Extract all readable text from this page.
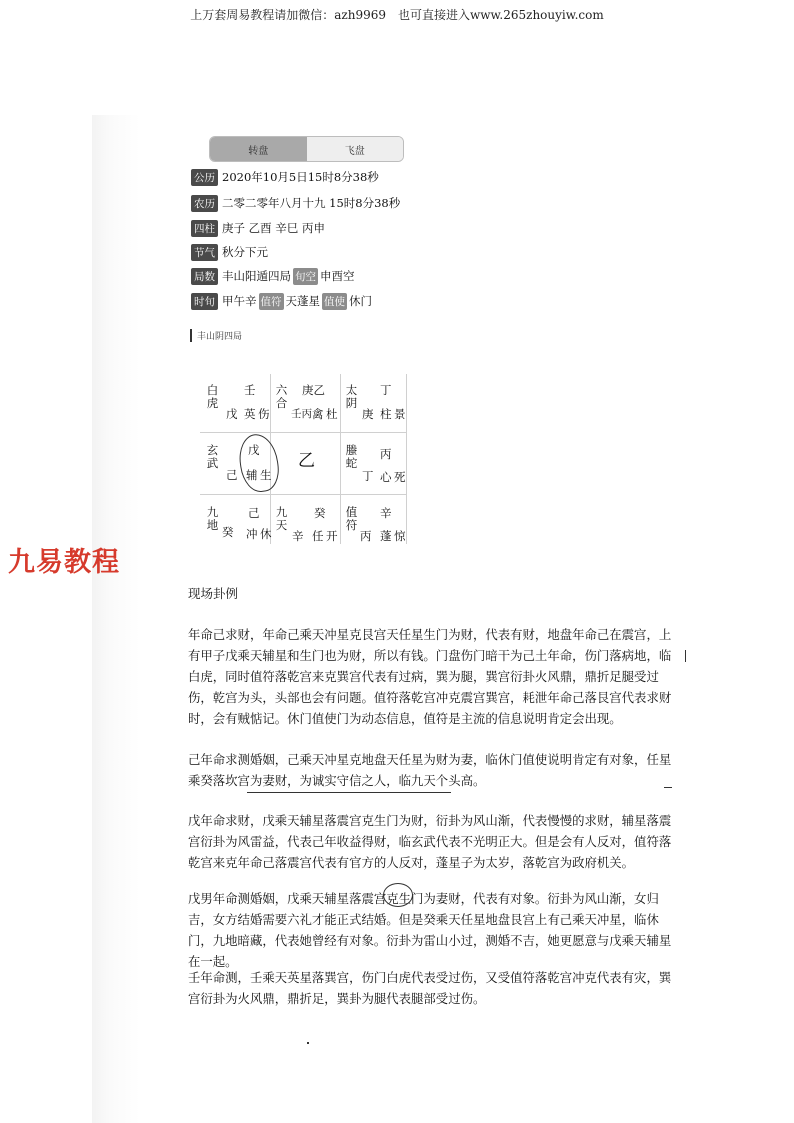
上万套周易教程请加微信：azh9969　也可直接进入www.265zhouyiw.com
转盘	飞盘
公历 2020年10月5日15时8分38秒
农历 二零二零年八月十九 15时8分38秒
四柱 庚子 乙酉 辛巳 丙申
节气 秋分下元
局数 丰山 阳遁四局 旬空 申酉空
时旬 甲午辛 值符 天蓬星 值使 休门
丰山阴四局
白虎
壬
戊 英 伤
六合
庚乙
壬丙 禽 杜
太阴
丁
庚 柱 景
玄武
己
戊
辅 生
乙
螣蛇
丁
丙
心 死
九地 癸
己
冲 休
九天
辛
癸
任 开
值符
丙
辛
蓬 惊
九易教程
现场卦例

年命己求财，年命己乘天冲星克艮宫天任星生门为财，代表有财，地盘年命己在震宫，上有甲子戊乘天辅星和生门也为财，所以有钱。门盘伤门暗干为己土年命，伤门落病地，临白虎，同时值符落乾宫来克巽宫代表有过病，巽为腿，巽宫衍卦火风鼎，鼎折足腿受过伤，乾宫为头，头部也会有问题。值符落乾宫冲克震宫巽宫，耗泄年命己落艮宫代表求财时，会有贼惦记。休门值使门为动态信息，值符是主流的信息说明肯定会出现。

己年命求测婚姻，己乘天冲星克地盘天任星为财为妻，临休门值使说明肯定有对象，任星乘癸落坎宫为妻财，为诚实守信之人，临九天个头高。

戊年命求财，戊乘天辅星落震宫克生门为财，衍卦为风山渐，代表慢慢的求财，辅星落震宫衍卦为风雷益，代表己年收益得财，临玄武代表不光明正大。但是会有人反对，值符落乾宫来克年命己落震宫代表有官方的人反对，蓬星子为太岁，落乾宫为政府机关。

戊男年命测婚姻，戊乘天辅星落震宫克生门为妻财，代表有对象。衍卦为风山渐，女归吉，女方结婚需要六礼才能正式结婚。但是癸乘天任星地盘艮宫上有己乘天冲星，临休门，九地暗藏，代表她曾经有对象。衍卦为雷山小过，测婚不吉，她更愿意与戊乘天辅星在一起。

壬年命测，壬乘天英星落巽宫，伤门白虎代表受过伤，又受值符落乾宫冲克代表有灾，巽宫衍卦为火风鼎，鼎折足，巽卦为腿代表腿部受过伤。
